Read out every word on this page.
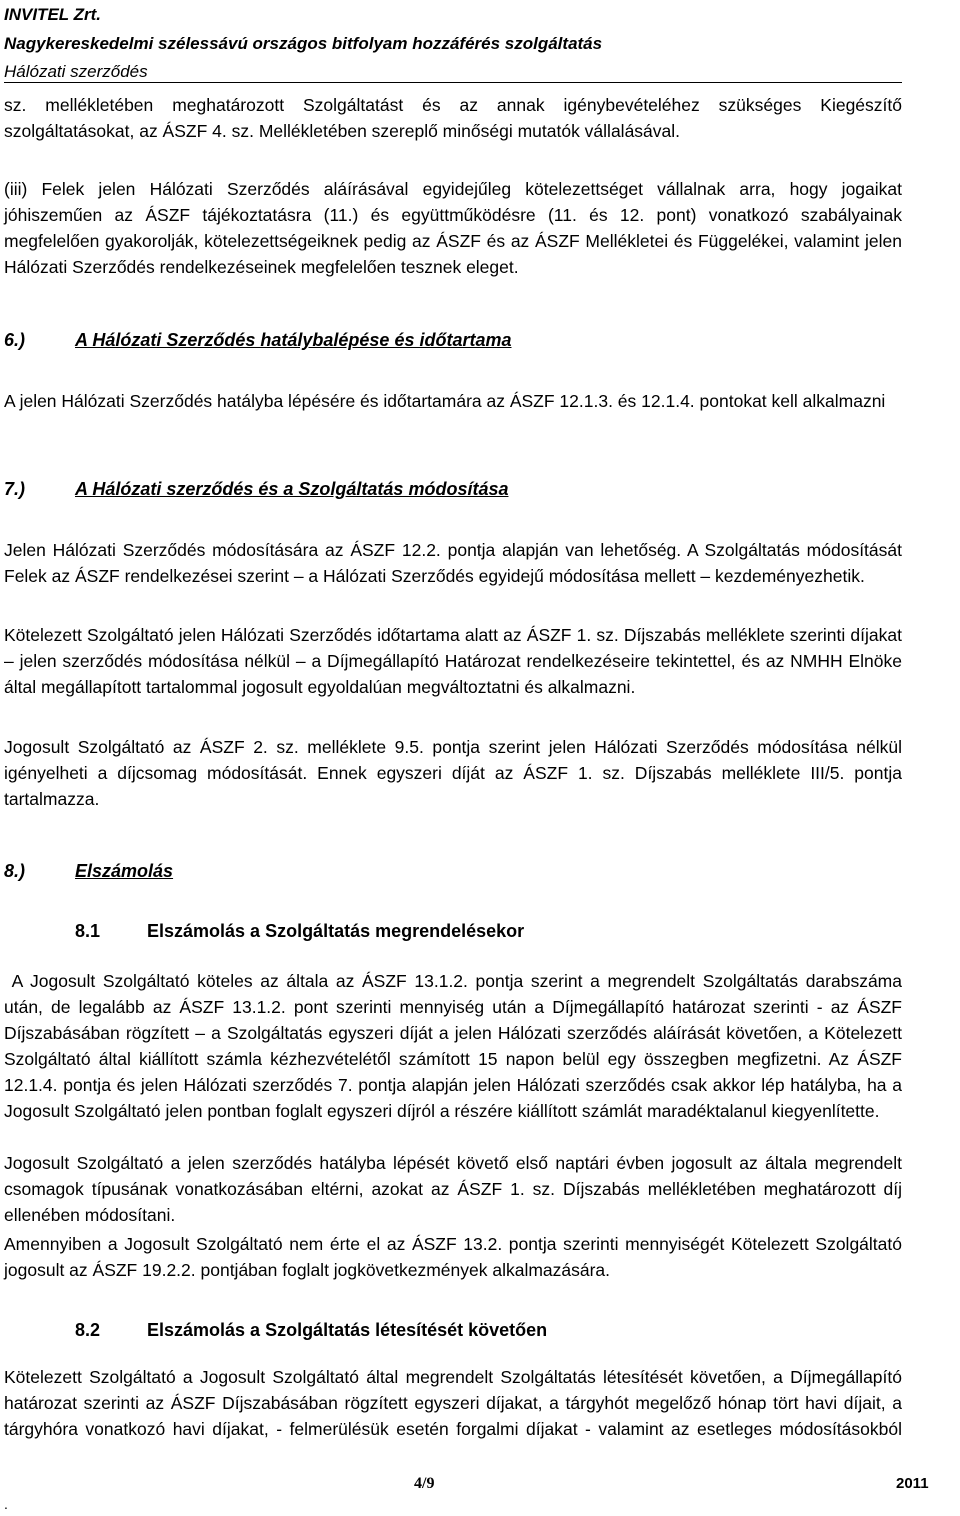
INVITEL Zrt.
Nagykereskedelmi szélessávú országos bitfolyam hozzáférés szolgáltatás
Hálózati szerződés
sz. mellékletében meghatározott Szolgáltatást és az annak igénybevételéhez szükséges Kiegészítő szolgáltatásokat, az ÁSZF 4. sz. Mellékletében szereplő minőségi mutatók vállalásával.
(iii) Felek jelen Hálózati Szerződés aláírásával egyidejűleg kötelezettséget vállalnak arra, hogy jogaikat jóhiszeműen az ÁSZF tájékoztatásra (11.) és együttműködésre (11. és 12. pont) vonatkozó szabályainak megfelelően gyakorolják, kötelezettségeiknek pedig az ÁSZF és az ÁSZF Mellékletei és Függelékei, valamint jelen Hálózati Szerződés rendelkezéseinek megfelelően tesznek eleget.
6.)	A Hálózati Szerződés hatálybalépése és időtartama
A jelen Hálózati Szerződés hatályba lépésére és időtartamára az ÁSZF 12.1.3. és 12.1.4. pontokat kell alkalmazni
7.)	A Hálózati szerződés és a Szolgáltatás módosítása
Jelen Hálózati Szerződés módosítására az ÁSZF 12.2. pontja alapján van lehetőség. A Szolgáltatás módosítását Felek az ÁSZF rendelkezései szerint – a Hálózati Szerződés egyidejű módosítása mellett – kezdeményezhetik.
Kötelezett Szolgáltató jelen Hálózati Szerződés időtartama alatt az ÁSZF 1. sz. Díjszabás melléklete szerinti díjakat – jelen szerződés módosítása nélkül – a Díjmegállapító Határozat rendelkezéseire tekintettel, és az NMHH Elnöke által megállapított tartalommal jogosult egyoldalúan megváltoztatni és alkalmazni.
Jogosult Szolgáltató az ÁSZF 2. sz. melléklete 9.5. pontja szerint jelen Hálózati Szerződés módosítása nélkül igényelheti a díjcsomag módosítását. Ennek egyszeri díját az ÁSZF 1. sz. Díjszabás melléklete III/5. pontja tartalmazza.
8.)	Elszámolás
8.1	Elszámolás a Szolgáltatás megrendelésekor
A Jogosult Szolgáltató köteles az általa az ÁSZF 13.1.2. pontja szerint a megrendelt Szolgáltatás darabszáma után, de legalább az ÁSZF 13.1.2. pont szerinti mennyiség után a Díjmegállapító határozat szerinti - az ÁSZF Díjszabásában rögzített – a Szolgáltatás egyszeri díját a jelen Hálózati szerződés aláírását követően, a Kötelezett Szolgáltató által kiállított számla kézhezvételétől számított 15 napon belül egy összegben megfizetni. Az ÁSZF 12.1.4. pontja és jelen Hálózati szerződés 7. pontja alapján jelen Hálózati szerződés csak akkor lép hatályba, ha a Jogosult Szolgáltató jelen pontban foglalt egyszeri díjról a részére kiállított számlát maradéktalanul kiegyenlítette.
Jogosult Szolgáltató a jelen szerződés hatályba lépését követő első naptári évben jogosult az általa megrendelt csomagok típusának vonatkozásában eltérni, azokat az ÁSZF 1. sz. Díjszabás mellékletében meghatározott díj ellenében módosítani.
Amennyiben a Jogosult Szolgáltató nem érte el az ÁSZF 13.2. pontja szerinti mennyiségét Kötelezett Szolgáltató jogosult az ÁSZF 19.2.2. pontjában foglalt jogkövetkezmények alkalmazására.
8.2	Elszámolás a Szolgáltatás létesítését követően
Kötelezett Szolgáltató a Jogosult Szolgáltató által megrendelt Szolgáltatás létesítését követően, a Díjmegállapító határozat szerinti az ÁSZF Díjszabásában rögzített egyszeri díjakat, a tárgyhót megelőző hónap tört havi díjait, a tárgyhóra vonatkozó havi díjakat, - felmerülésük esetén forgalmi díjakat - valamint az esetleges módosításokból
4/9	2011
.
